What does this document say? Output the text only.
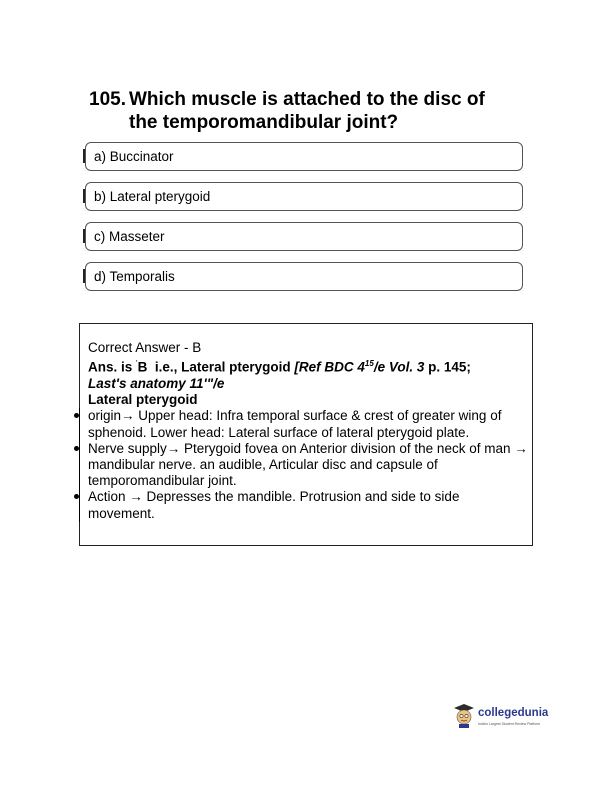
105. Which muscle is attached to the disc of
the temporomandibular joint?
a) Buccinator
b) Lateral pterygoid
c) Masseter
d) Temporalis
Correct Answer - B
Ans. is 'B i.e., Lateral pterygoid [Ref BDC $4^{15}/e$ Vol. 3 p. 145;
Last's anatomy 11'"/e
Lateral pterygoid
origin→ Upper head: Infra temporal surface & crest of greater wing of sphenoid. Lower head: Lateral surface of lateral pterygoid plate.
Nerve supply→ Pterygoid fovea on Anterior division of the neck of man → mandibular nerve. an audible, Articular disc and capsule of temporomandibular joint.
Action → Depresses the mandible. Protrusion and side to side movement.
collegedunia
India's Largest Student Review Platform
